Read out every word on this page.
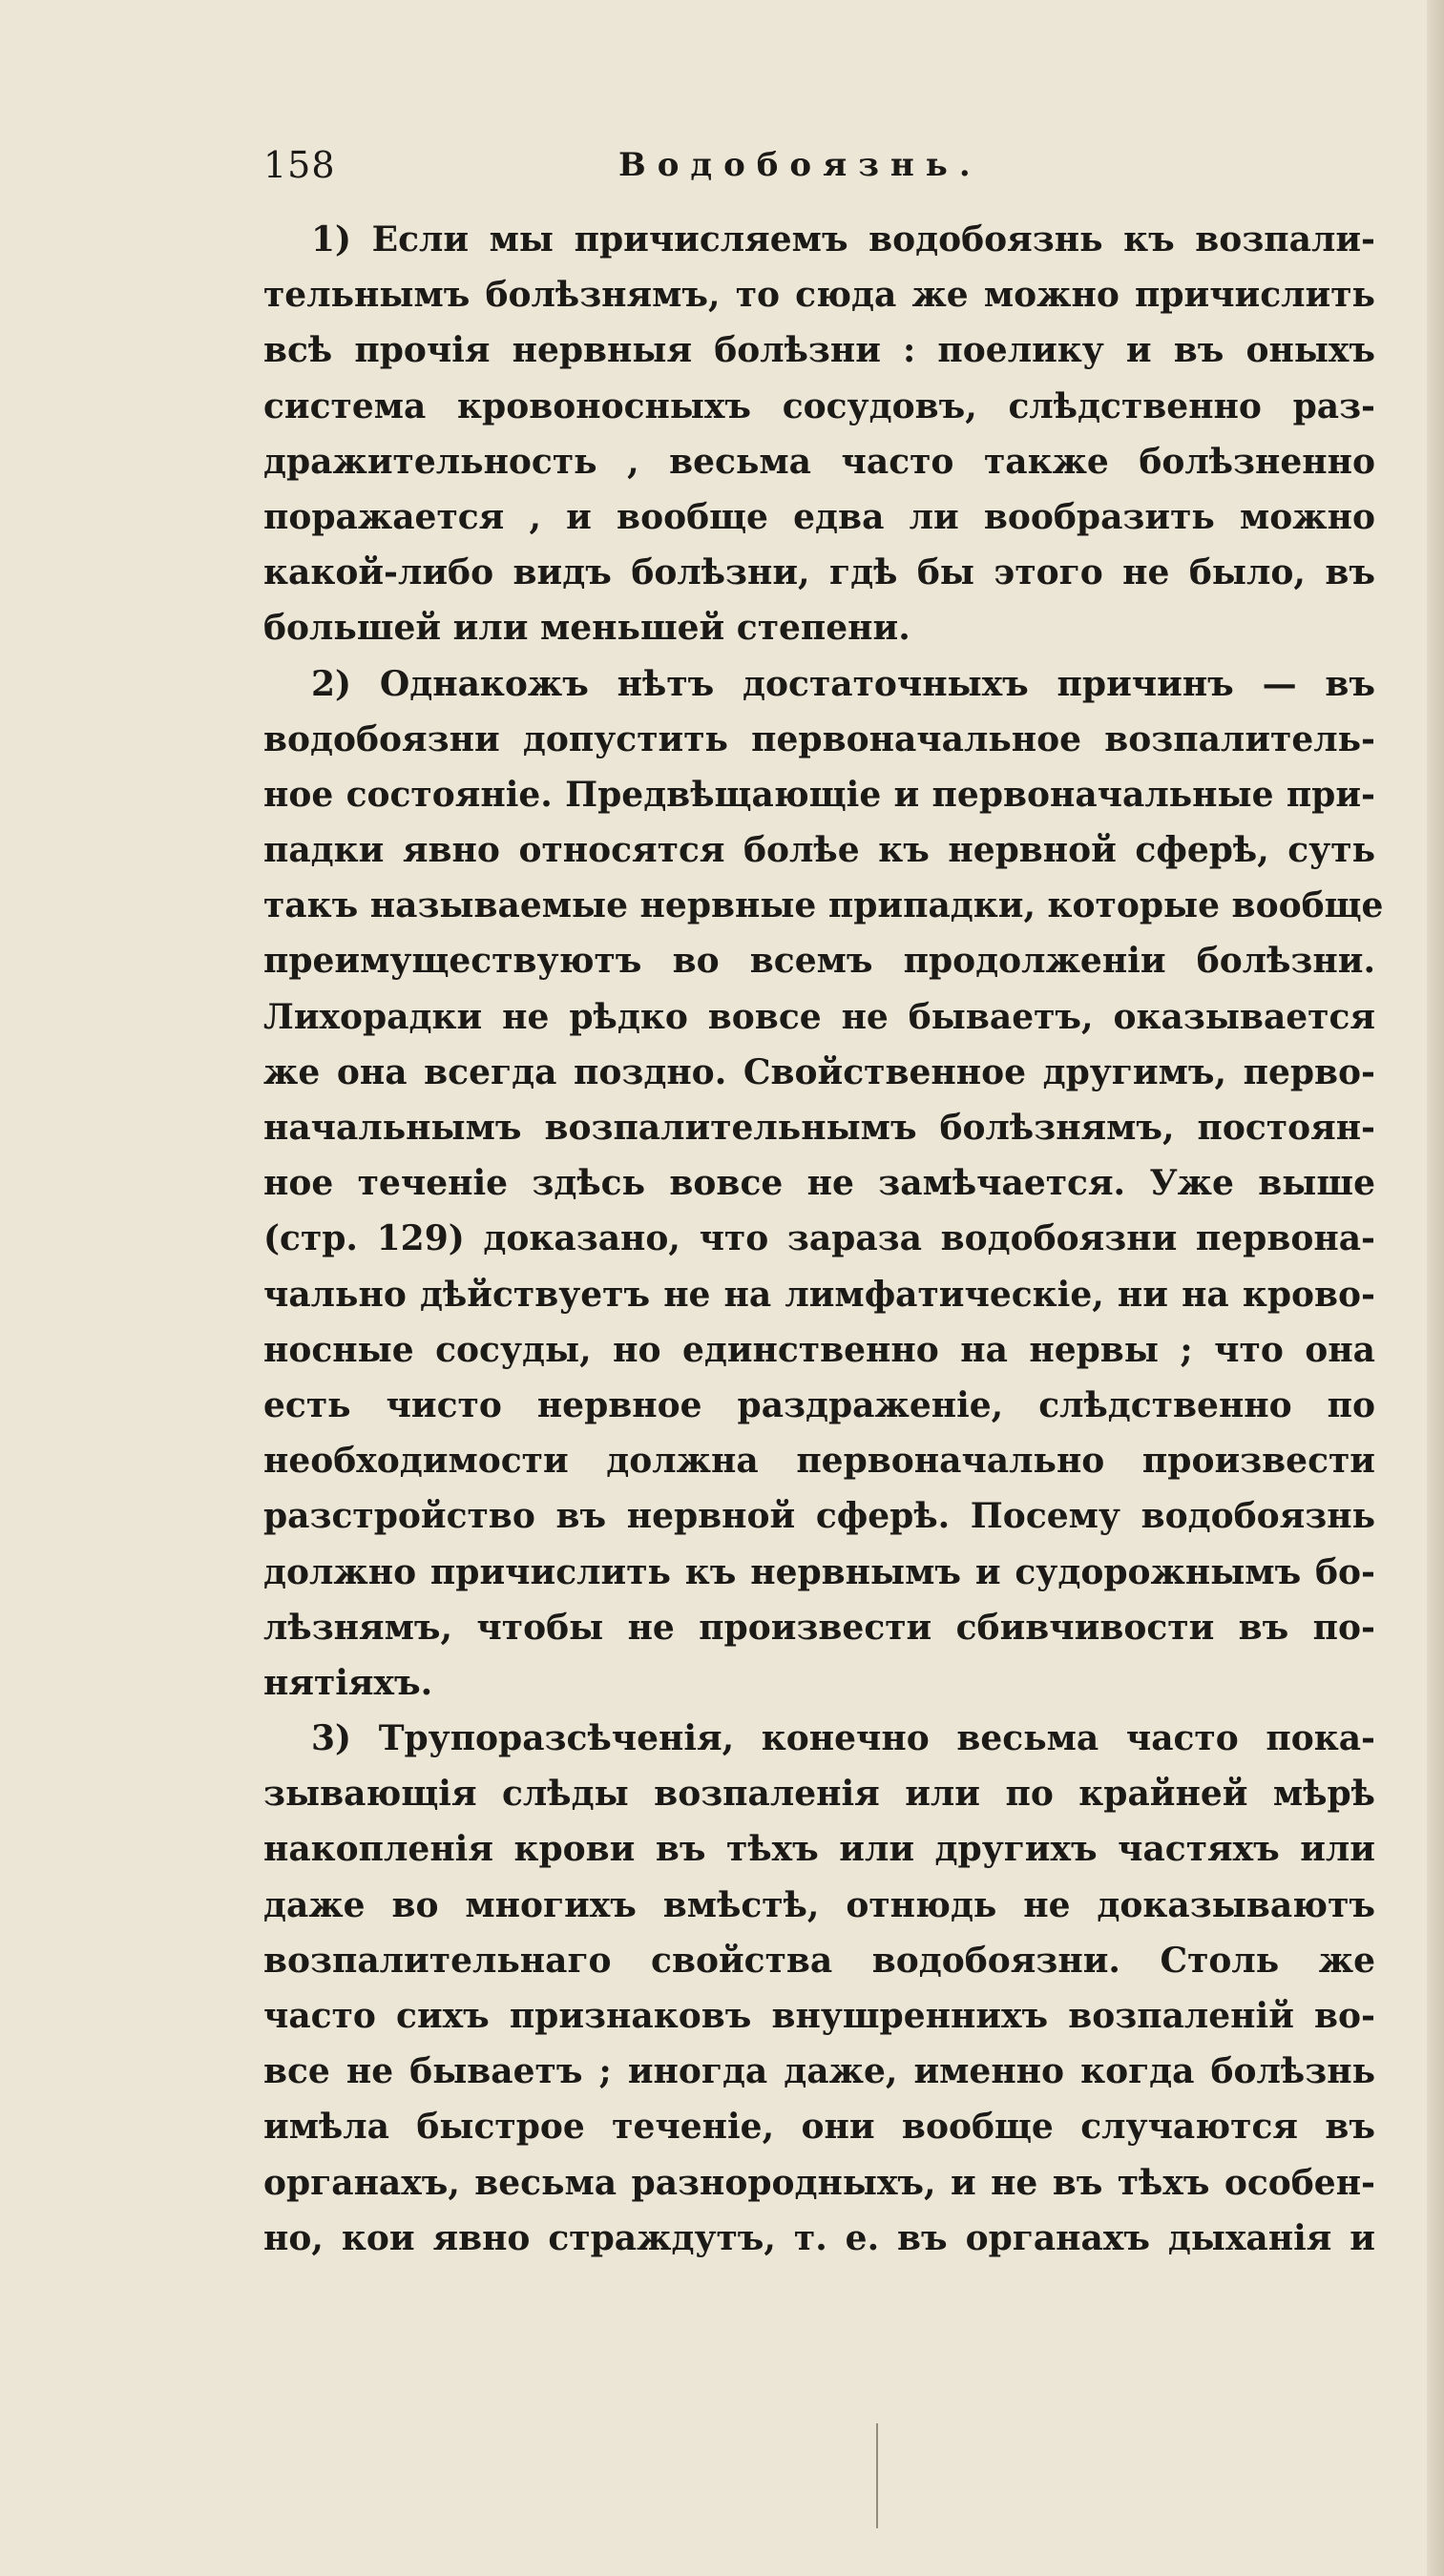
158	Водобоязнь.
1) Если мы причисляемъ водобоязнь къ возпали-
тельнымъ болѣзнямъ, то сюда же можно причислить
всѣ прочія нервныя болѣзни : поелику и въ оныхъ
система кровоносныхъ сосудовъ, слѣдственно раз-
дражительность , весьма часто также болѣзненно
поражается , и вообще едва ли вообразить можно
какой-либо видъ болѣзни, гдѣ бы этого не было, въ
большей или меньшей степени.
2) Однакожъ нѣтъ достаточныхъ причинъ — въ
водобоязни допустить первоначальное возпалитель-
ное состояніе. Предвѣщающіе и первоначальные при-
падки явно относятся болѣе къ нервной сферѣ, суть
такъ называемые нервные припадки, которые вообще
преимуществуютъ во всемъ продолженіи болѣзни.
Лихорадки не рѣдко вовсе не бываетъ, оказывается
же она всегда поздно. Свойственное другимъ, перво-
начальнымъ возпалительнымъ болѣзнямъ, постоян-
ное теченіе здѣсь вовсе не замѣчается. Уже выше
(стр. 129) доказано, что зараза водобоязни первона-
чально дѣйствуетъ не на лимфатическіе, ни на крово-
носные сосуды, но единственно на нервы ; что она
есть чисто нервное раздраженіе, слѣдственно по
необходимости должна первоначально произвести
разстройство въ нервной сферѣ. Посему водобоязнь
должно причислить къ нервнымъ и судорожнымъ бо-
лѣзнямъ, чтобы не произвести сбивчивости въ по-
нятіяхъ.
3) Трупоразсѣченія, конечно весьма часто пока-
зывающія слѣды возпаленія или по крайней мѣрѣ
накопленія крови въ тѣхъ или другихъ частяхъ или
даже во многихъ вмѣстѣ, отнюдь не доказываютъ
возпалительнаго свойства водобоязни. Столь же
часто сихъ признаковъ внушреннихъ возпаленій во-
все не бываетъ ; иногда даже, именно когда болѣзнь
имѣла быстрое теченіе, они вообще случаются въ
органахъ, весьма разнородныхъ, и не въ тѣхъ особен-
но, кои явно страждутъ, т. е. въ органахъ дыханія и
